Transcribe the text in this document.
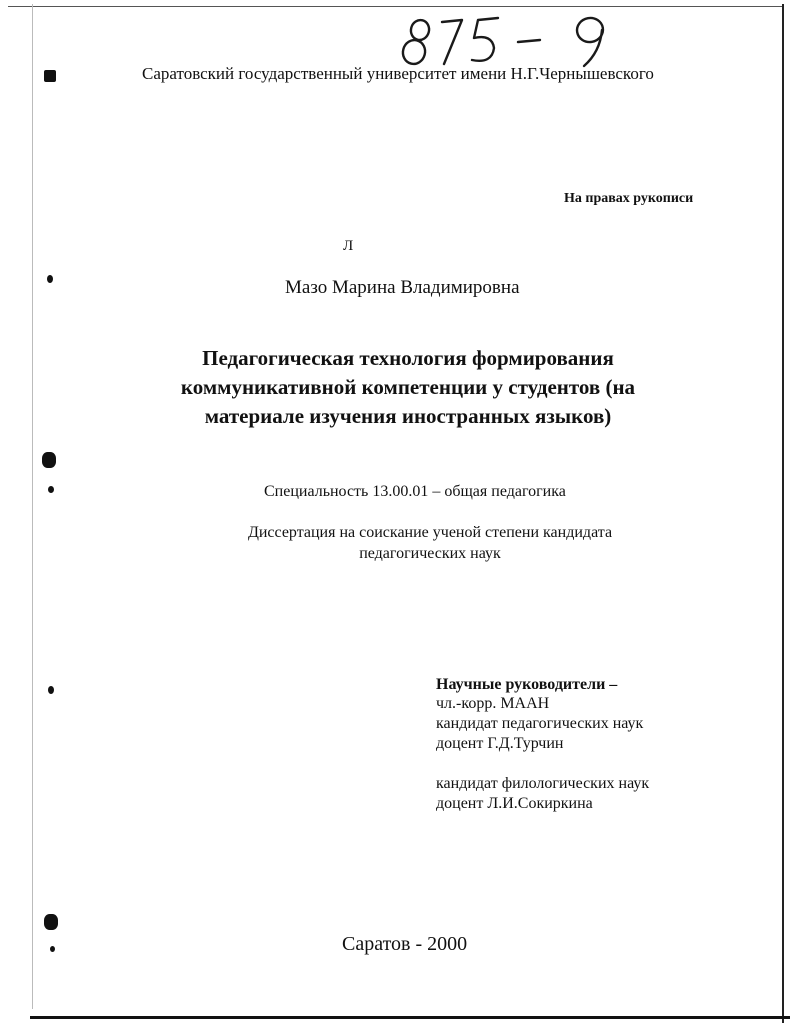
Саратовский государственный университет имени Н.Г.Чернышевского
На правах рукописи
Л
Мазо Марина Владимировна
Педагогическая технология формирования
коммуникативной компетенции у студентов (на
материале изучения иностранных языков)
Специальность 13.00.01 – общая педагогика
Диссертация на соискание ученой степени кандидата
педагогических наук
Научные руководители –
чл.-корр. МААН
кандидат педагогических наук
доцент Г.Д.Турчин
кандидат филологических наук
доцент Л.И.Сокиркина
Саратов - 2000
